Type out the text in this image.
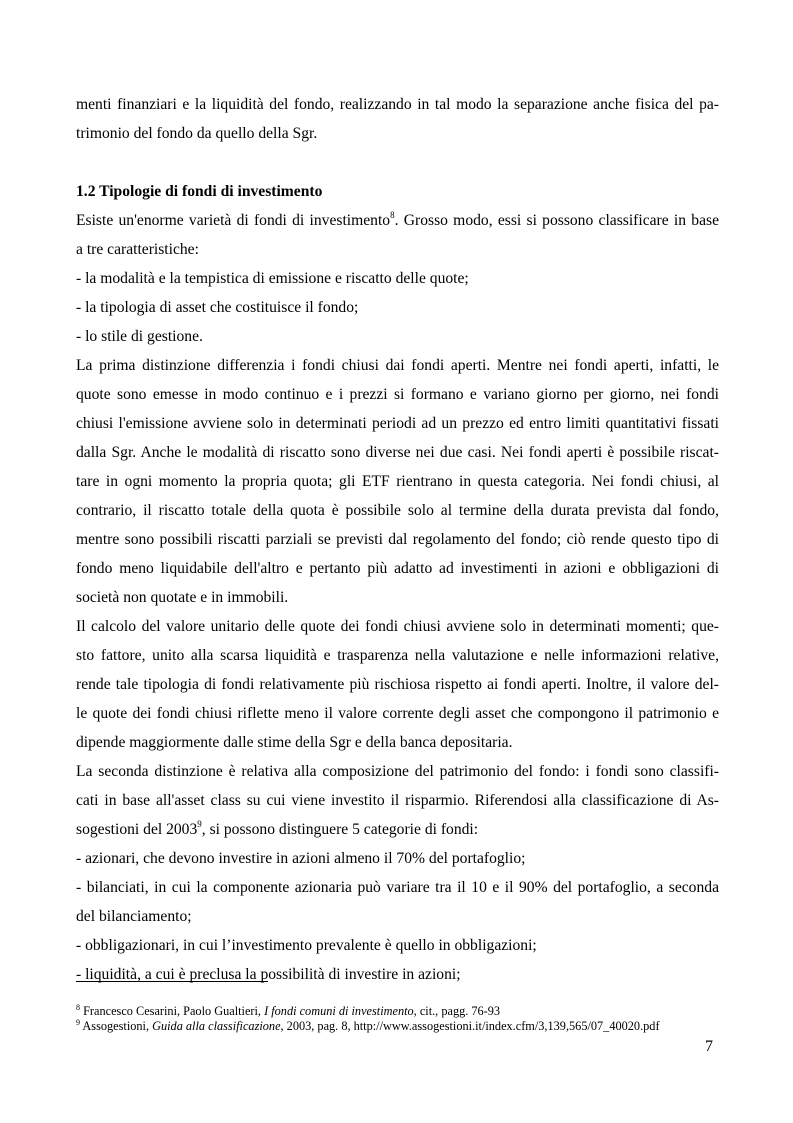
menti finanziari e la liquidità del fondo, realizzando in tal modo la separazione anche fisica del pa-
trimonio del fondo da quello della Sgr.
1.2 Tipologie di fondi di investimento
Esiste un'enorme varietà di fondi di investimento$^8$. Grosso modo, essi si possono classificare in base
a tre caratteristiche:
- la modalità e la tempistica di emissione e riscatto delle quote;
- la tipologia di asset che costituisce il fondo;
- lo stile di gestione.
La prima distinzione differenzia i fondi chiusi dai fondi aperti. Mentre nei fondi aperti, infatti, le
quote sono emesse in modo continuo e i prezzi si formano e variano giorno per giorno, nei fondi
chiusi l'emissione avviene solo in determinati periodi ad un prezzo ed entro limiti quantitativi fissati
dalla Sgr. Anche le modalità di riscatto sono diverse nei due casi. Nei fondi aperti è possibile riscat-
tare in ogni momento la propria quota; gli ETF rientrano in questa categoria. Nei fondi chiusi, al
contrario, il riscatto totale della quota è possibile solo al termine della durata prevista dal fondo,
mentre sono possibili riscatti parziali se previsti dal regolamento del fondo; ciò rende questo tipo di
fondo meno liquidabile dell'altro e pertanto più adatto ad investimenti in azioni e obbligazioni di
società non quotate e in immobili.
Il calcolo del valore unitario delle quote dei fondi chiusi avviene solo in determinati momenti; que-
sto fattore, unito alla scarsa liquidità e trasparenza nella valutazione e nelle informazioni relative,
rende tale tipologia di fondi relativamente più rischiosa rispetto ai fondi aperti. Inoltre, il valore del-
le quote dei fondi chiusi riflette meno il valore corrente degli asset che compongono il patrimonio e
dipende maggiormente dalle stime della Sgr e della banca depositaria.
La seconda distinzione è relativa alla composizione del patrimonio del fondo: i fondi sono classifi-
cati in base all'asset class su cui viene investito il risparmio. Riferendosi alla classificazione di As-
sogestioni del 2003$^9$, si possono distinguere 5 categorie di fondi:
- azionari, che devono investire in azioni almeno il 70% del portafoglio;
- bilanciati, in cui la componente azionaria può variare tra il 10 e il 90% del portafoglio, a seconda
del bilanciamento;
- obbligazionari, in cui l’investimento prevalente è quello in obbligazioni;
- liquidità, a cui è preclusa la possibilità di investire in azioni;
$^8$ Francesco Cesarini, Paolo Gualtieri, I fondi comuni di investimento, cit., pagg. 76-93
$^9$ Assogestioni, Guida alla classificazione, 2003, pag. 8, http://www.assogestioni.it/index.cfm/3,139,565/07_40020.pdf
7
